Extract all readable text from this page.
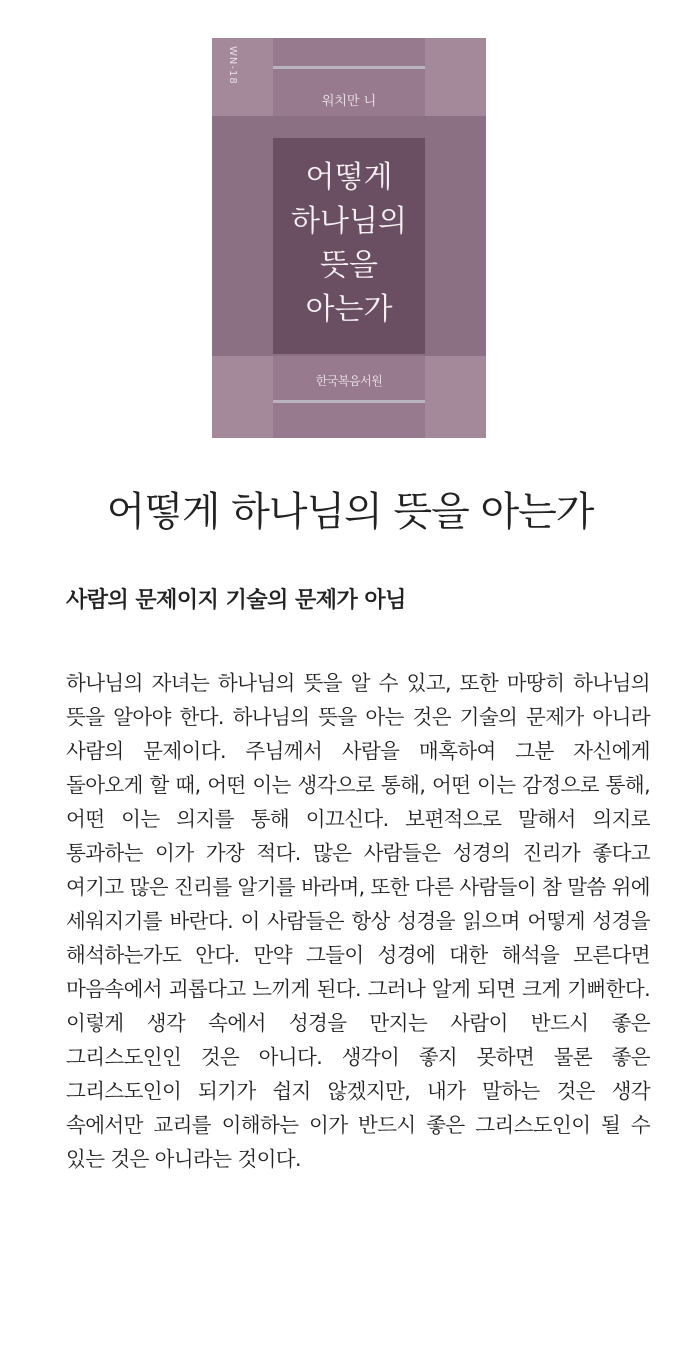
WN-18
워치만 니
어떻게
하나님의
뜻을
아는가
한국복음서원
어떻게 하나님의 뜻을 아는가
사람의 문제이지 기술의 문제가 아님

하나님의 자녀는 하나님의 뜻을 알 수 있고, 또한 마땅히 하나님의 뜻을 알아야 한다. 하나님의 뜻을 아는 것은 기술의 문제가 아니라 사람의 문제이다. 주님께서 사람을 매혹하여 그분 자신에게 돌아오게 할 때, 어떤 이는 생각으로 통해, 어떤 이는 감정으로 통해, 어떤 이는 의지를 통해 이끄신다. 보편적으로 말해서 의지로 통과하는 이가 가장 적다. 많은 사람들은 성경의 진리가 좋다고 여기고 많은 진리를 알기를 바라며, 또한 다른 사람들이 참 말씀 위에 세워지기를 바란다. 이 사람들은 항상 성경을 읽으며 어떻게 성경을 해석하는가도 안다. 만약 그들이 성경에 대한 해석을 모른다면 마음속에서 괴롭다고 느끼게 된다. 그러나 알게 되면 크게 기뻐한다. 이렇게 생각 속에서 성경을 만지는 사람이 반드시 좋은 그리스도인인 것은 아니다. 생각이 좋지 못하면 물론 좋은 그리스도인이 되기가 쉽지 않겠지만, 내가 말하는 것은 생각 속에서만 교리를 이해하는 이가 반드시 좋은 그리스도인이 될 수 있는 것은 아니라는 것이다.
